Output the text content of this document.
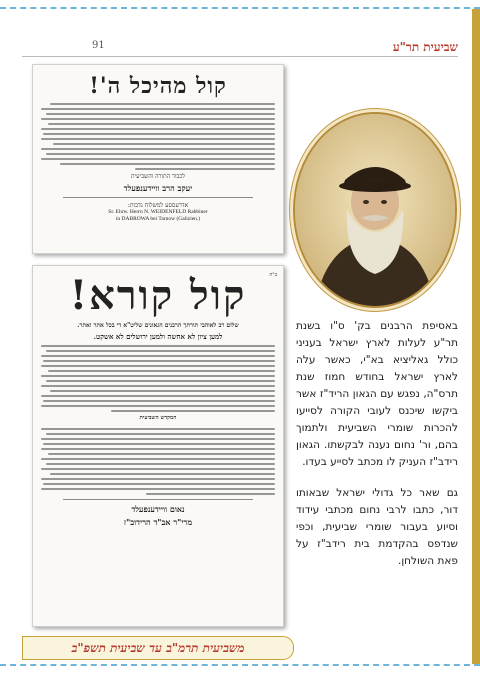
שביעית תר"ע
91
קול מהיכל ה'!
לכבוד התורה והשביעית
יעקב הרב וויידענפעלד
אדרעססע למשלוח נדבות:
Sr. Ehrw. Herrn N. WEIDENFELD Rabbiner
in DABROWA bei Tarnow (Galizien.)
ב"ה
קול קורא!
שלום רב לאוהבי תורתך הרבנים הגאונים שליט"א די בכל אתר ואתר.
למען ציון לא אחשה ולמען ירושלים לא אשקט.
המקדש השביעית
נאום וויידענפעלד
מרי"ר אב"ד הרידוב"ז

באסיפת הרבנים בק' ס"ו בשנת תר"ע לעלות לארץ ישראל בעניני כולל גאליציא בא"י, כאשר עלה לארץ ישראל בחודש חמוז שנת תרס"ה, נפגש עם הגאון הריד"ז אשר ביקשו שיכנס לעובי הקורה לסייעו להכרות שומרי השביעית ולתמוך בהם, ור' נחום נענה לבקשתו. הגאון רידב"ז העניק לו מכתב לסייע בעדו.

גם שאר כל גדולי ישראל שבאותו דור, כתבו לרבי נחום מכתבי עידוד וסיוע בעבור שומרי שביעית, וכפי שנדפס בהקדמת בית רידב"ז על פאת השולחן.

משביעית תרמ"ב עד שביעית תשפ"ב
